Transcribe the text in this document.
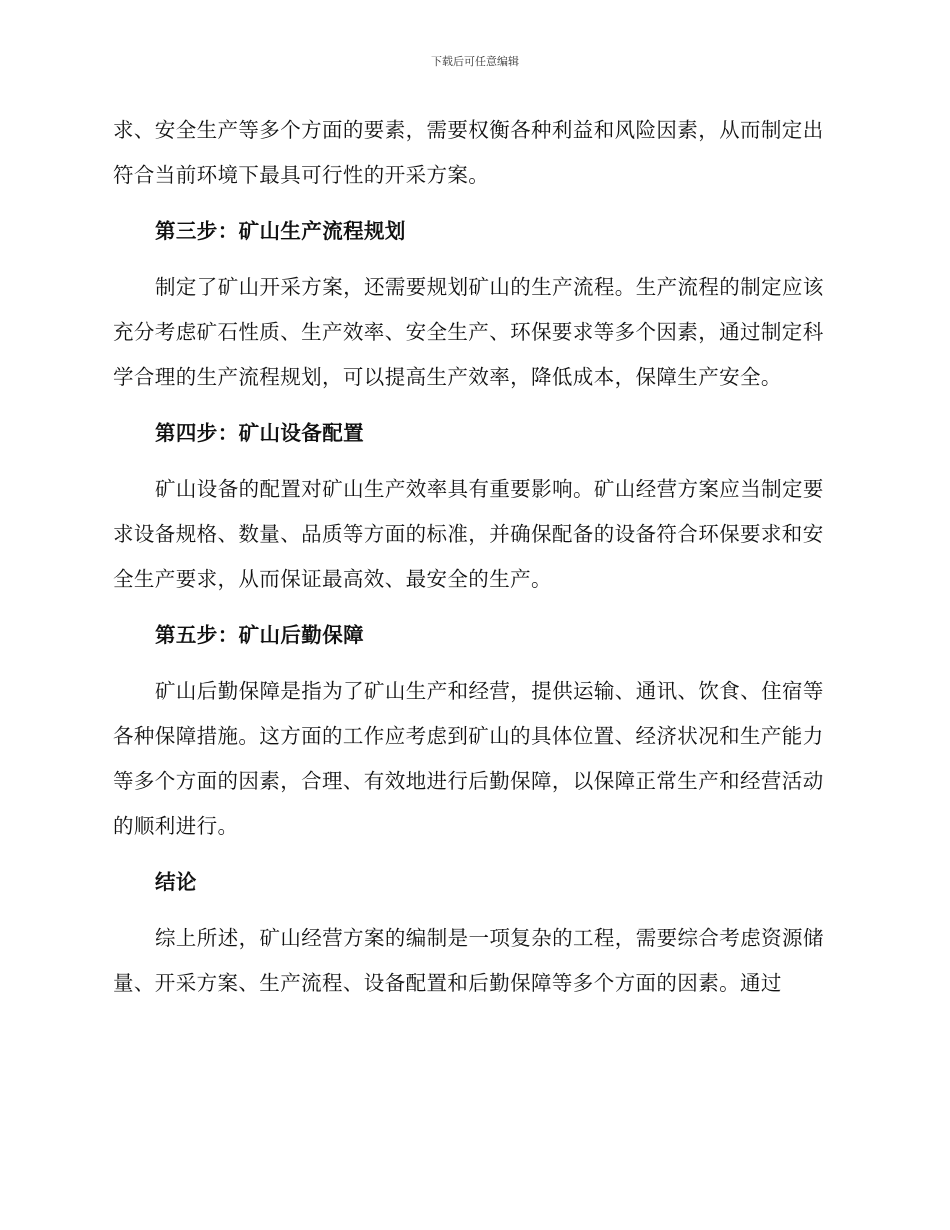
下载后可任意编辑

求、安全生产等多个方面的要素，需要权衡各种利益和风险因素，从而制定出符合当前环境下最具可行性的开采方案。

第三步：矿山生产流程规划

制定了矿山开采方案，还需要规划矿山的生产流程。生产流程的制定应该充分考虑矿石性质、生产效率、安全生产、环保要求等多个因素，通过制定科学合理的生产流程规划，可以提高生产效率，降低成本，保障生产安全。

第四步：矿山设备配置

矿山设备的配置对矿山生产效率具有重要影响。矿山经营方案应当制定要求设备规格、数量、品质等方面的标准，并确保配备的设备符合环保要求和安全生产要求，从而保证最高效、最安全的生产。

第五步：矿山后勤保障

矿山后勤保障是指为了矿山生产和经营，提供运输、通讯、饮食、住宿等各种保障措施。这方面的工作应考虑到矿山的具体位置、经济状况和生产能力等多个方面的因素，合理、有效地进行后勤保障，以保障正常生产和经营活动的顺利进行。

结论

综上所述，矿山经营方案的编制是一项复杂的工程，需要综合考虑资源储量、开采方案、生产流程、设备配置和后勤保障等多个方面的因素。通过
